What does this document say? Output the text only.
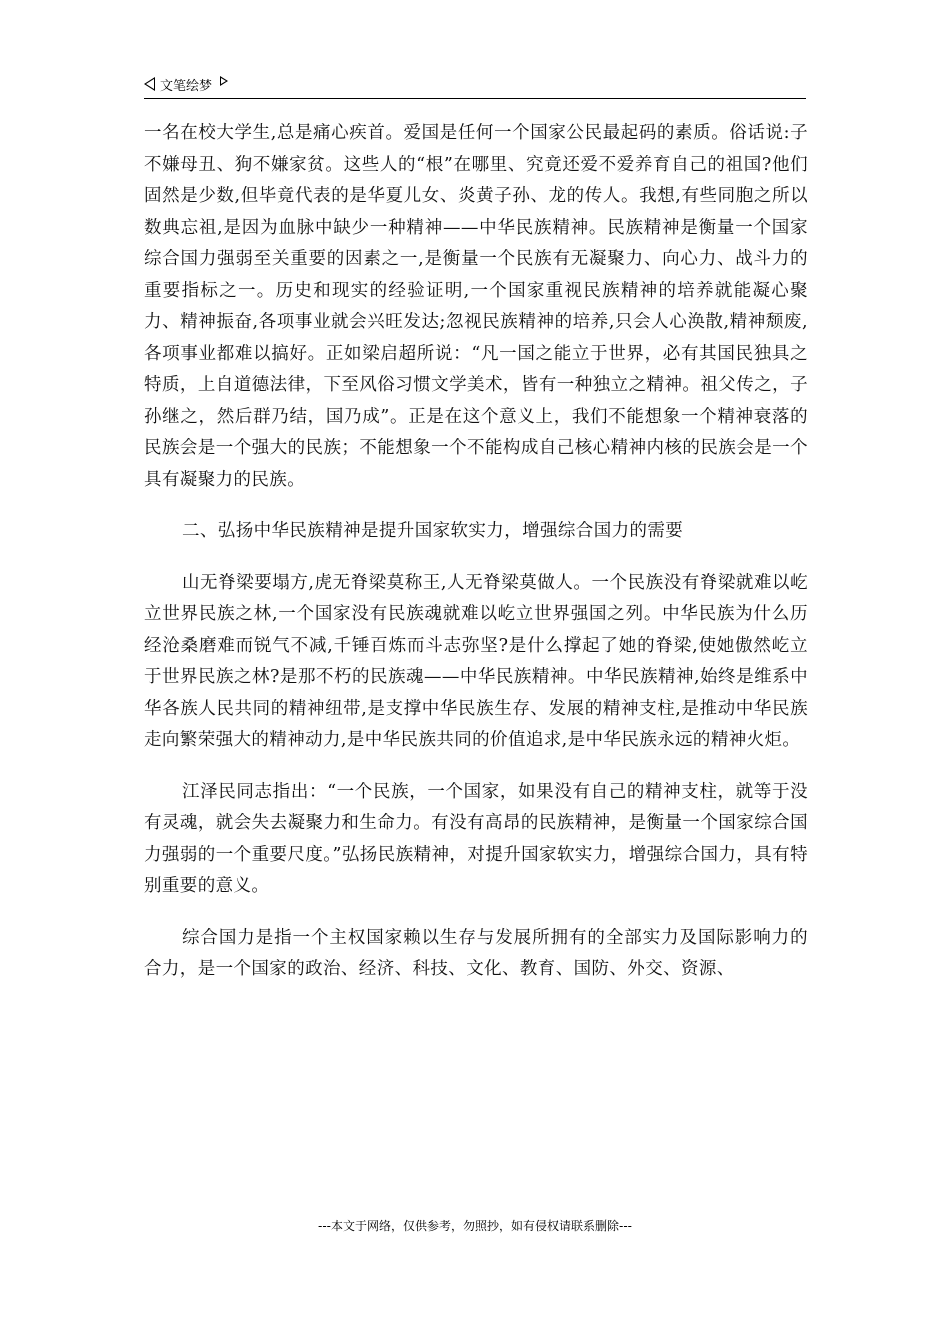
文笔绘梦

一名在校大学生,总是痛心疾首。爱国是任何一个国家公民最起码的素质。俗话说:子不嫌母丑、狗不嫌家贫。这些人的“根”在哪里、究竟还爱不爱养育自己的祖国?他们固然是少数,但毕竟代表的是华夏儿女、炎黄子孙、龙的传人。我想,有些同胞之所以数典忘祖,是因为血脉中缺少一种精神——中华民族精神。民族精神是衡量一个国家综合国力强弱至关重要的因素之一,是衡量一个民族有无凝聚力、向心力、战斗力的重要指标之一。历史和现实的经验证明,一个国家重视民族精神的培养就能凝心聚力、精神振奋,各项事业就会兴旺发达;忽视民族精神的培养,只会人心涣散,精神颓废,各项事业都难以搞好。正如梁启超所说：“凡一国之能立于世界，必有其国民独具之特质，上自道德法律，下至风俗习惯文学美术，皆有一种独立之精神。祖父传之，子孙继之，然后群乃结，国乃成”。正是在这个意义上，我们不能想象一个精神衰落的民族会是一个强大的民族；不能想象一个不能构成自己核心精神内核的民族会是一个具有凝聚力的民族。

二、弘扬中华民族精神是提升国家软实力，增强综合国力的需要

山无脊梁要塌方,虎无脊梁莫称王,人无脊梁莫做人。一个民族没有脊梁就难以屹立世界民族之林,一个国家没有民族魂就难以屹立世界强国之列。中华民族为什么历经沧桑磨难而锐气不减,千锤百炼而斗志弥坚?是什么撑起了她的脊梁,使她傲然屹立于世界民族之林?是那不朽的民族魂——中华民族精神。中华民族精神,始终是维系中华各族人民共同的精神纽带,是支撑中华民族生存、发展的精神支柱,是推动中华民族走向繁荣强大的精神动力,是中华民族共同的价值追求,是中华民族永远的精神火炬。

江泽民同志指出：“一个民族，一个国家，如果没有自己的精神支柱，就等于没有灵魂，就会失去凝聚力和生命力。有没有高昂的民族精神，是衡量一个国家综合国力强弱的一个重要尺度。”弘扬民族精神，对提升国家软实力，增强综合国力，具有特别重要的意义。

综合国力是指一个主权国家赖以生存与发展所拥有的全部实力及国际影响力的合力，是一个国家的政治、经济、科技、文化、教育、国防、外交、资源、

---本文于网络，仅供参考，勿照抄，如有侵权请联系删除---
